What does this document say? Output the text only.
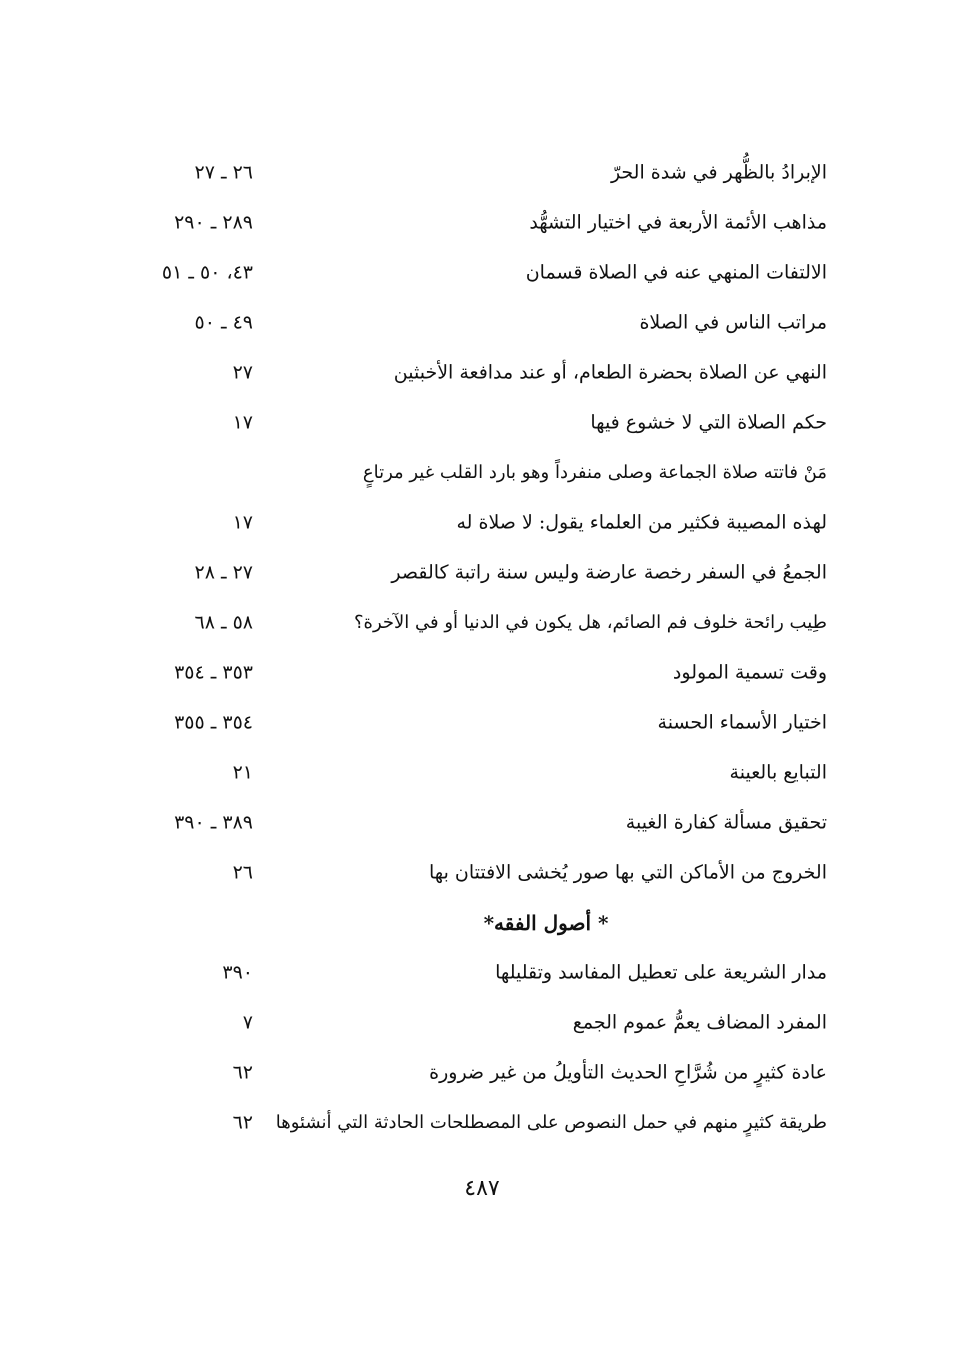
الإبرادُ بالظُّهر في شدة الحرّ
٢٦ ـ ٢٧
مذاهب الأئمة الأربعة في اختيار التشهُّد
٢٨٩ ـ ٢٩٠
الالتفات المنهي عنه في الصلاة قسمان
٤٣، ٥٠ ـ ٥١
مراتب الناس في الصلاة
٤٩ ـ ٥٠
النهي عن الصلاة بحضرة الطعام، أو عند مدافعة الأخبثين
٢٧
حكم الصلاة التي لا خشوع فيها
١٧
مَنْ فاتته صلاة الجماعة وصلى منفرداً وهو بارد القلب غير مرتاعٍ
لهذه المصيبة فكثير من العلماء يقول: لا صلاة له
١٧
الجمعُ في السفر رخصة عارضة وليس سنة راتبة كالقصر
٢٧ ـ ٢٨
طِيب رائحة خلوف فم الصائم، هل يكون في الدنيا أو في الآخرة؟
٥٨ ـ ٦٨
وقت تسمية المولود
٣٥٣ ـ ٣٥٤
اختيار الأسماء الحسنة
٣٥٤ ـ ٣٥٥
التبايع بالعينة
٢١
تحقيق مسألة كفارة الغيبة
٣٨٩ ـ ٣٩٠
الخروج من الأماكن التي بها صور يُخشى الافتتان بها
٢٦
* أصول الفقه*
مدار الشريعة على تعطيل المفاسد وتقليلها
٣٩٠
المفرد المضاف يعمُّ عموم الجمع
٧
عادة كثيرٍ من شُرَّاحِ الحديث التأويلُ من غير ضرورة
٦٢
طريقة كثيرٍ منهم في حمل النصوص على المصطلحات الحادثة التي أنشئوها
٦٢
٤٨٧
